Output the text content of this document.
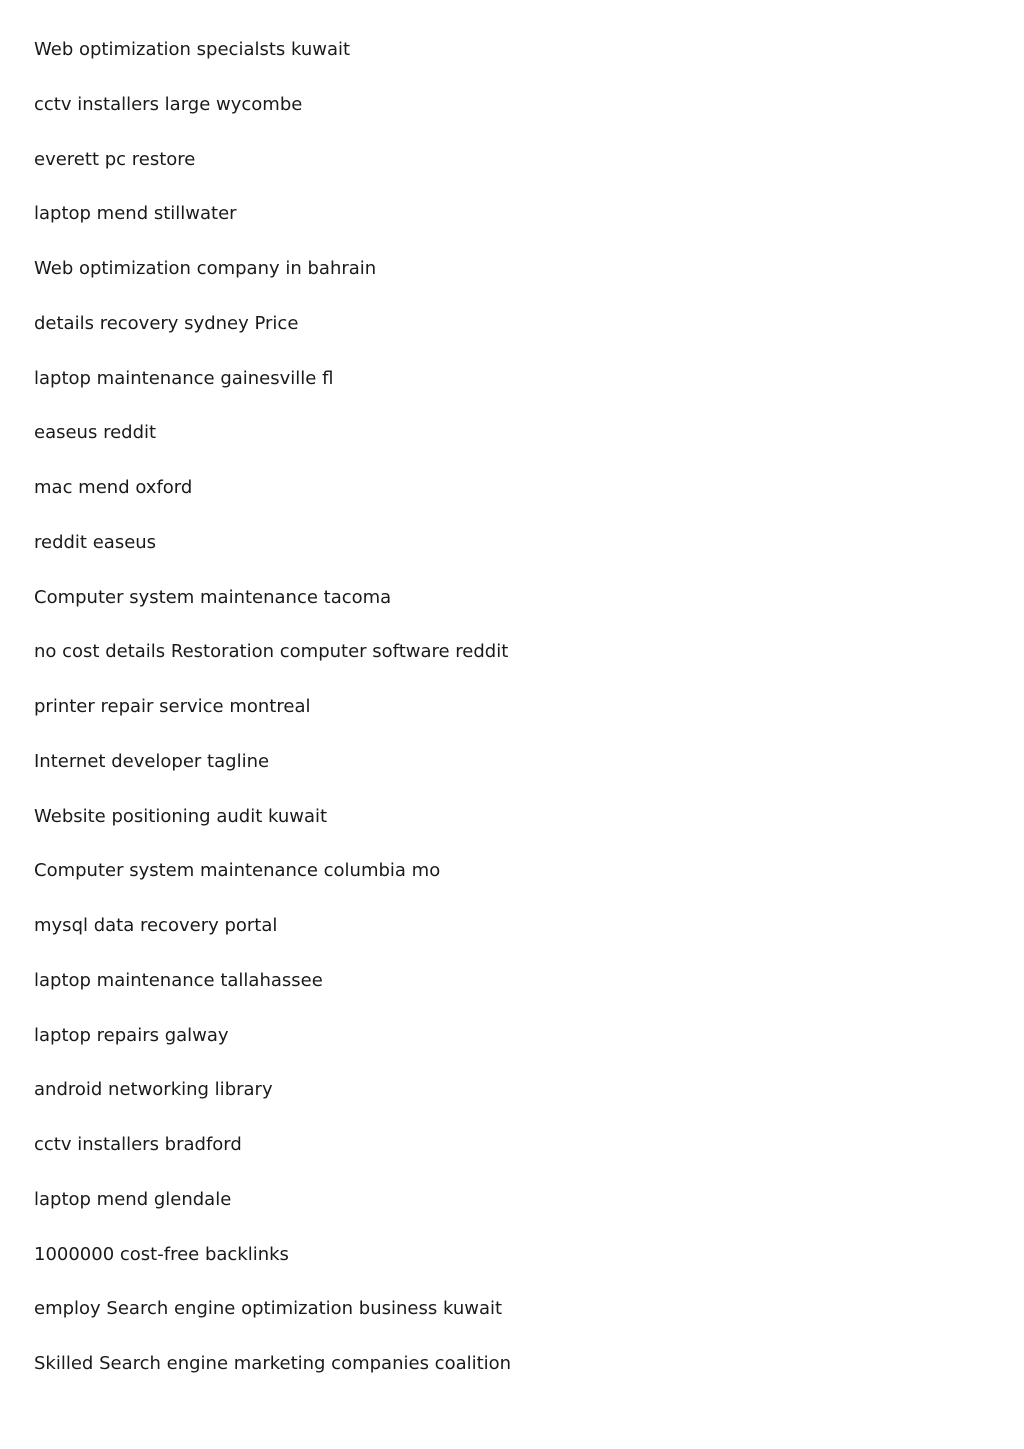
Web optimization specialsts kuwait
cctv installers large wycombe
everett pc restore
laptop mend stillwater
Web optimization company in bahrain
details recovery sydney Price
laptop maintenance gainesville fl
easeus reddit
mac mend oxford
reddit easeus
Computer system maintenance tacoma
no cost details Restoration computer software reddit
printer repair service montreal
Internet developer tagline
Website positioning audit kuwait
Computer system maintenance columbia mo
mysql data recovery portal
laptop maintenance tallahassee
laptop repairs galway
android networking library
cctv installers bradford
laptop mend glendale
1000000 cost-free backlinks
employ Search engine optimization business kuwait
Skilled Search engine marketing companies coalition
